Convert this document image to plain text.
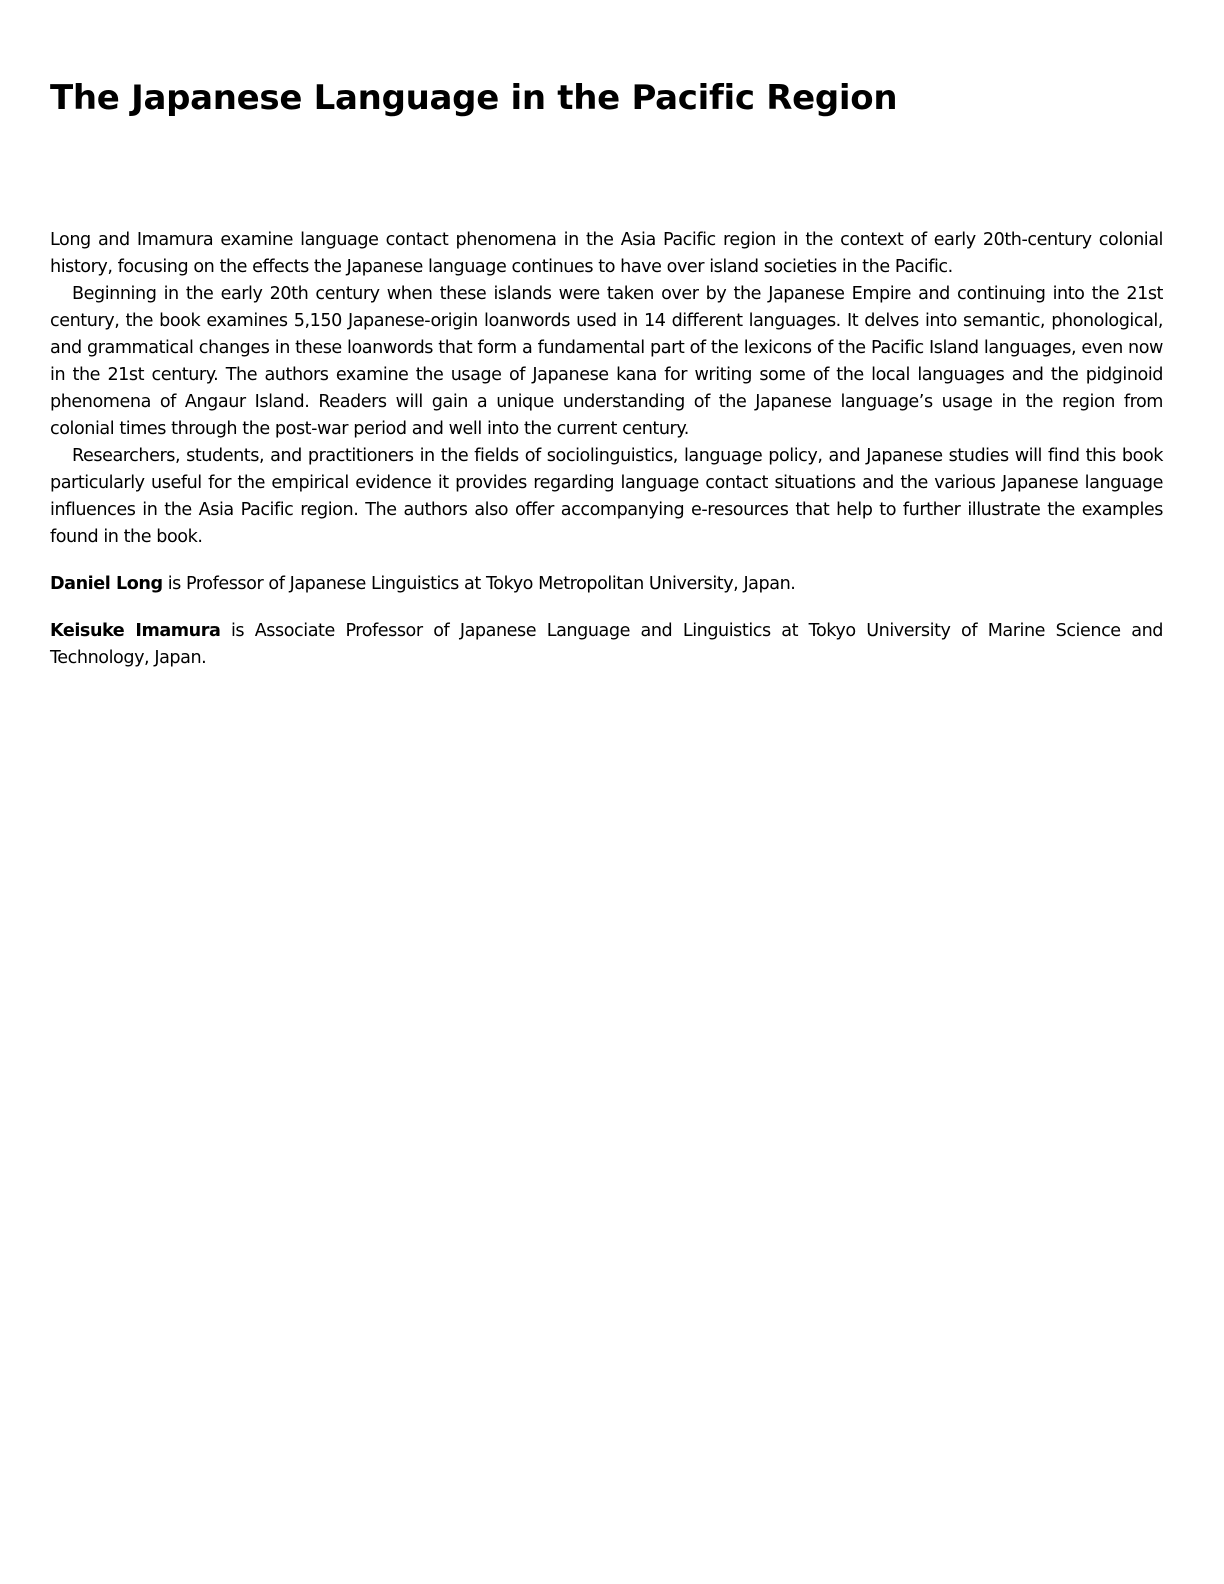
The Japanese Language in the Pacific Region

Long and Imamura examine language contact phenomena in the Asia Pacific region in the context of early 20th-century colonial history, focusing on the effects the Japanese language continues to have over island societies in the Pacific.

Beginning in the early 20th century when these islands were taken over by the Japanese Empire and continuing into the 21st century, the book examines 5,150 Japanese-origin loanwords used in 14 different languages. It delves into semantic, phonological, and grammatical changes in these loanwords that form a fundamental part of the lexicons of the Pacific Island languages, even now in the 21st century. The authors examine the usage of Japanese kana for writing some of the local languages and the pidginoid phenomena of Angaur Island. Readers will gain a unique understanding of the Japanese language’s usage in the region from colonial times through the post-war period and well into the current century.

Researchers, students, and practitioners in the fields of sociolinguistics, language policy, and Japanese studies will find this book particularly useful for the empirical evidence it provides regarding language contact situations and the various Japanese language influences in the Asia Pacific region. The authors also offer accompanying e-resources that help to further illustrate the examples found in the book.

Daniel Long is Professor of Japanese Linguistics at Tokyo Metropolitan University, Japan.

Keisuke Imamura is Associate Professor of Japanese Language and Linguistics at Tokyo University of Marine Science and Technology, Japan.
